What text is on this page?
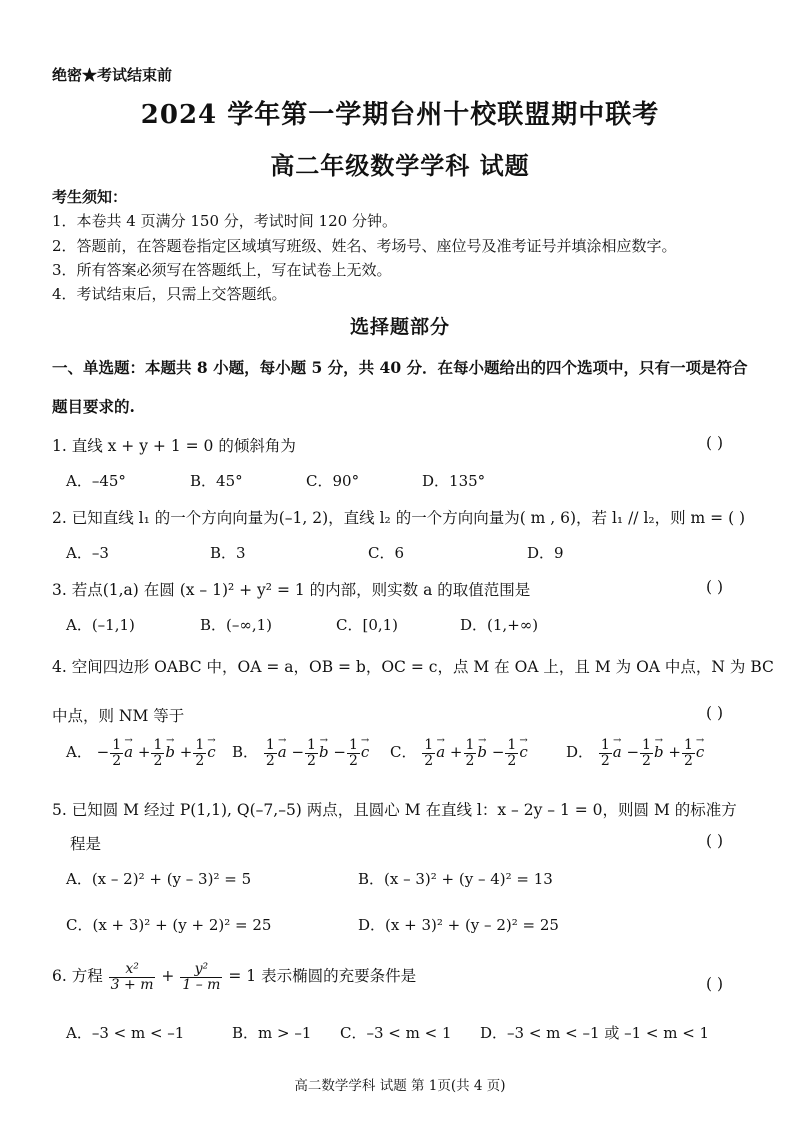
绝密★考试结束前
2024 学年第一学期台州十校联盟期中联考
高二年级数学学科 试题
考生须知：
1．本卷共 4 页满分 150 分，考试时间 120 分钟。
2．答题前，在答题卷指定区域填写班级、姓名、考场号、座位号及准考证号并填涂相应数字。
3．所有答案必须写在答题纸上，写在试卷上无效。
4．考试结束后，只需上交答题纸。
选择题部分
一、单选题：本题共 8 小题，每小题 5 分，共 40 分．在每小题给出的四个选项中，只有一项是符合
题目要求的.
1. 直线 x + y + 1 = 0 的倾斜角为	( )
A．–45°	B．45°	C．90°	D．135°
2. 已知直线 l₁ 的一个方向向量为(–1, 2)，直线 l₂ 的一个方向向量为( m , 6)，若 l₁ // l₂，则 m = ( )
A．–3	B．3	C．6	D．9
3. 若点(1,a) 在圆 (x – 1)² + y² = 1 的内部，则实数 a 的取值范围是	( )
A．(–1,1)	B．(–∞,1)	C．[0,1)	D．(1,+∞)
4. 空间四边形 OABC 中，OA = a，OB = b，OC = c，点 M 在 OA 上，且 M 为 OA 中点，N 为 BC
中点，则 NM 等于	( )
A． − $\frac{1}{2}$ →
$a + \frac{1}{2}$ →
$b + \frac{1}{2}$ →
c B． $\frac{1}{2}$ →
$a - \frac{1}{2}$ →
$b - \frac{1}{2}$ →
c C． $\frac{1}{2}$ →
$a + \frac{1}{2}$ →
$b - \frac{1}{2}$ →
c	D． $\frac{1}{2}$ →
$a - \frac{1}{2}$ →
$b + \frac{1}{2}$ →
c
5. 已知圆 M 经过 P(1,1), Q(–7,–5) 两点，且圆心 M 在直线 l：x – 2y – 1 = 0，则圆 M 的标准方
程是	( )
A．(x – 2)² + (y – 3)² = 5	B．(x – 3)² + (y – 4)² = 13
C．(x + 3)² + (y + 2)² = 25	D．(x + 3)² + (y – 2)² = 25
6. 方程 $\frac{\text{x²}}{3 + m} + \frac{\text{y²}}{1 - m} = 1$ 表示椭圆的充要条件是	( )
A．–3 < m < –1	B．m > –1 C．–3 < m < 1 D．–3 < m < –1 或 –1 < m < 1
高二数学学科 试题 第 1页(共 4 页)
